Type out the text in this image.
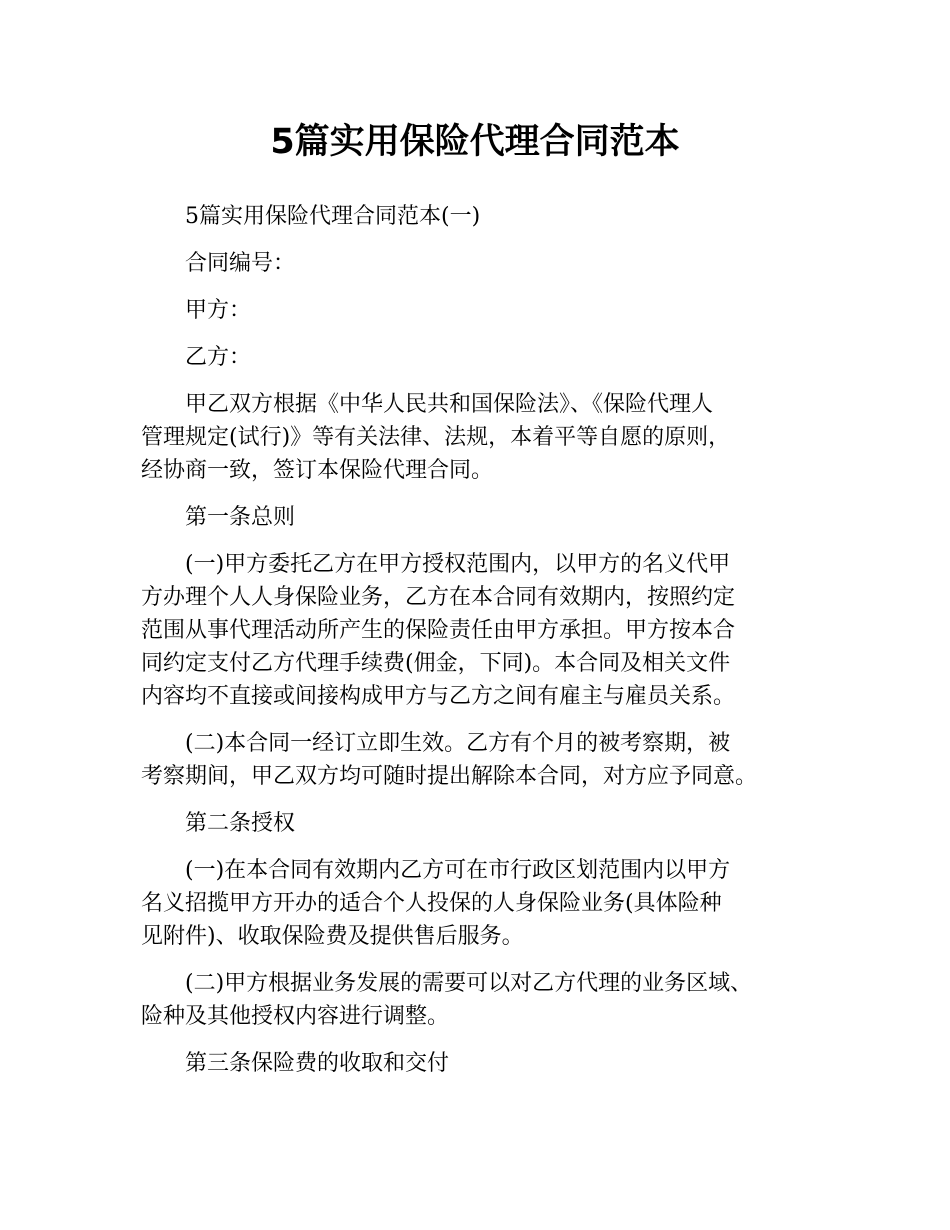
5篇实用保险代理合同范本

5篇实用保险代理合同范本(一)

合同编号：

甲方：

乙方：

甲乙双方根据《中华人民共和国保险法》、《保险代理人
管理规定(试行)》等有关法律、法规，本着平等自愿的原则，
经协商一致，签订本保险代理合同。

第一条总则

(一)甲方委托乙方在甲方授权范围内，以甲方的名义代甲
方办理个人人身保险业务，乙方在本合同有效期内，按照约定
范围从事代理活动所产生的保险责任由甲方承担。甲方按本合
同约定支付乙方代理手续费(佣金，下同)。本合同及相关文件
内容均不直接或间接构成甲方与乙方之间有雇主与雇员关系。

(二)本合同一经订立即生效。乙方有个月的被考察期，被
考察期间，甲乙双方均可随时提出解除本合同，对方应予同意。

第二条授权

(一)在本合同有效期内乙方可在市行政区划范围内以甲方
名义招揽甲方开办的适合个人投保的人身保险业务(具体险种
见附件)、收取保险费及提供售后服务。

(二)甲方根据业务发展的需要可以对乙方代理的业务区域、
险种及其他授权内容进行调整。

第三条保险费的收取和交付
